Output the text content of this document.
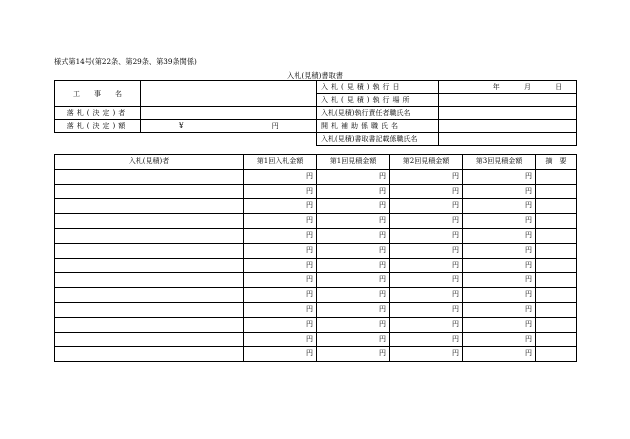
様式第14号(第22条、第29条、第39条関係)
入札(見積)書取書
工　　事　　名		入札(見積)執行日	年 月 日
		入札(見積)執行場所	
落札(決定)者		入札(見積)執行責任者職氏名	
落札(決定)額	¥ 円	開札補助係職氏名	
		入札(見積)書取書記載係職氏名	
入札(見積)者	第1回入札金額	第1回見積金額	第2回見積金額	第3回見積金額	摘　要
	円	円	円	円	
	円	円	円	円	
	円	円	円	円	
	円	円	円	円	
	円	円	円	円	
	円	円	円	円	
	円	円	円	円	
	円	円	円	円	
	円	円	円	円	
	円	円	円	円	
	円	円	円	円	
	円	円	円	円	
	円	円	円	円	
